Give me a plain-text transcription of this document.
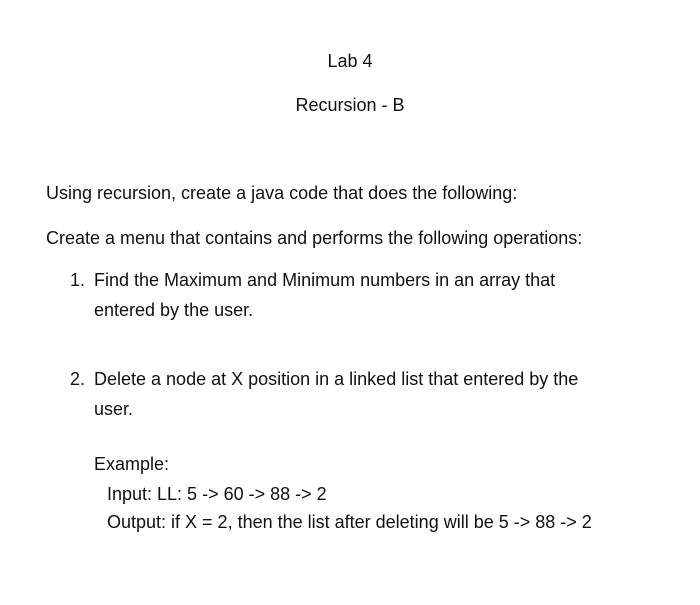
Lab 4
Recursion - B
Using recursion, create a java code that does the following:
Create a menu that contains and performs the following operations:
1. Find the Maximum and Minimum numbers in an array that
entered by the user.
2. Delete a node at X position in a linked list that entered by the
user.
Example:
Input: LL: 5 -> 60 -> 88 -> 2
Output: if X = 2, then the list after deleting will be 5 -> 88 -> 2
